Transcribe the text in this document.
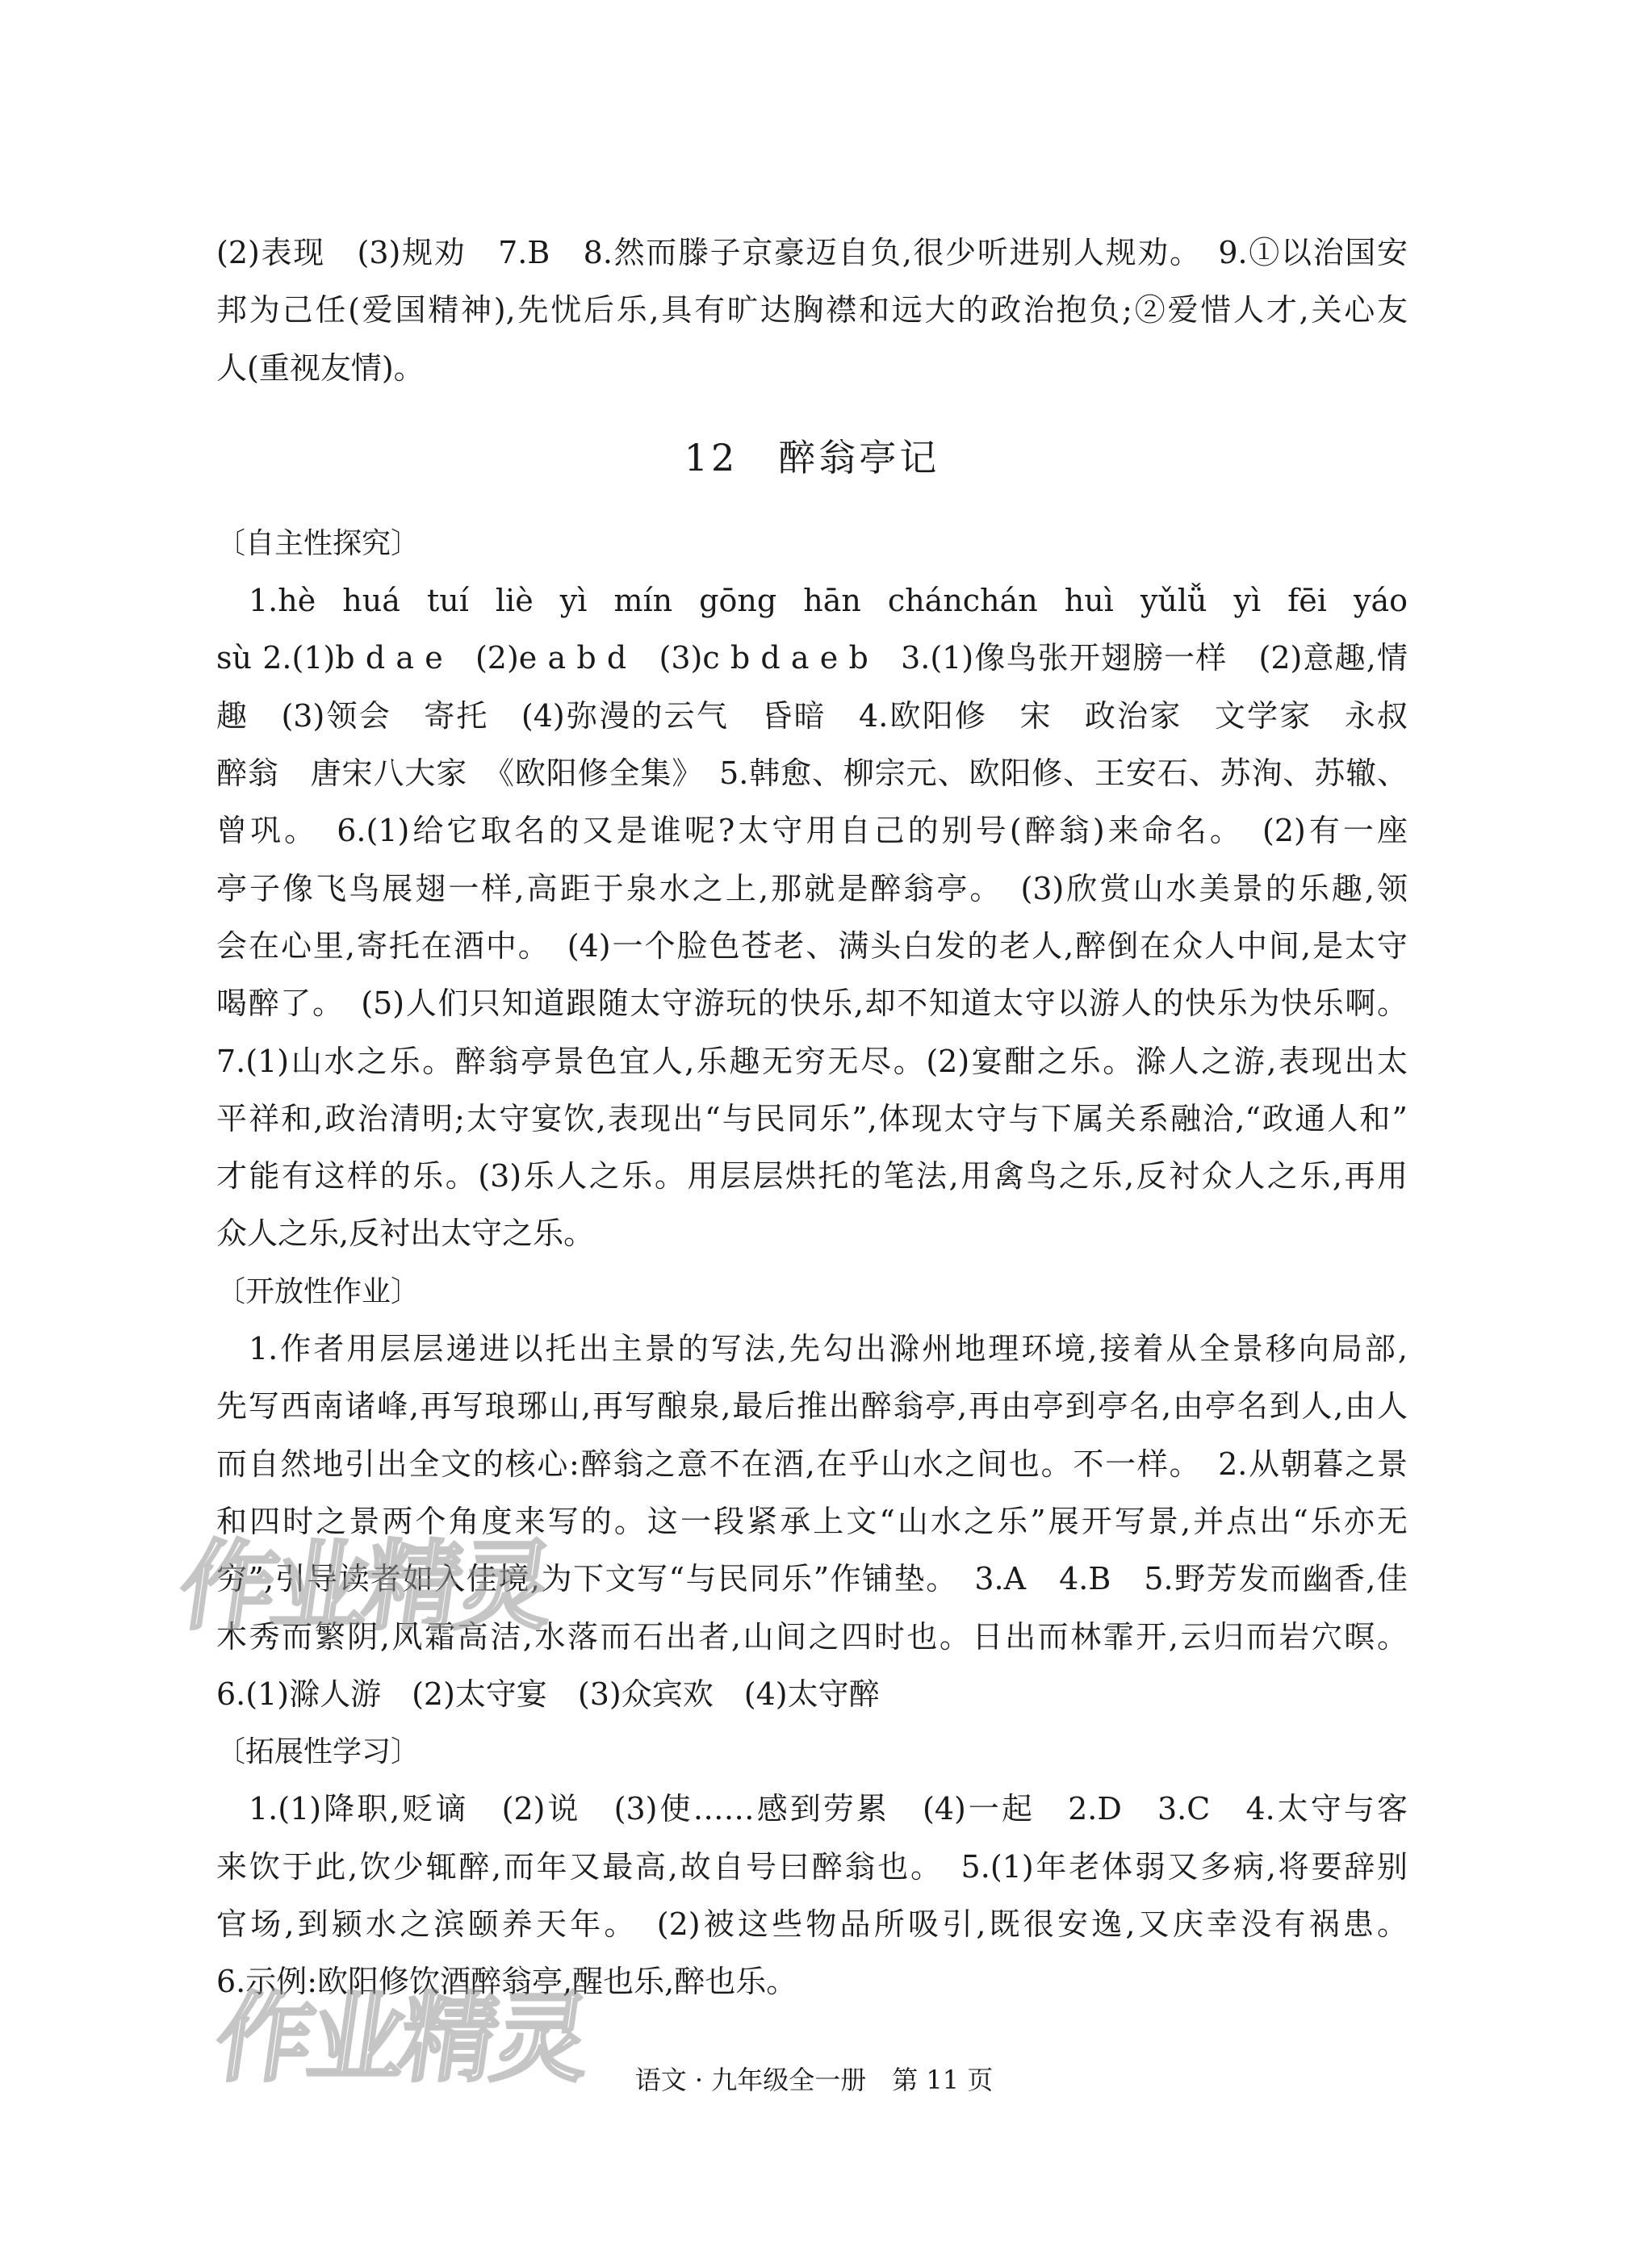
(2)表现　(3)规劝　7.B　8.然而滕子京豪迈自负,很少听进别人规劝。　9.①以治国安
邦为己任(爱国精神),先忧后乐,具有旷达胸襟和远大的政治抱负;②爱惜人才,关心友
人(重视友情)。
12　醉翁亭记
〔自主性探究〕
1.hè huá tuí liè yì mín gōng hān chánchán huì yǔlǚ yì fēi yáo
sù 2.(1)b d a e　(2)e a b d　(3)c b d a e b　3.(1)像鸟张开翅膀一样　(2)意趣,情
趣　(3)领会　寄托　(4)弥漫的云气　昏暗　4.欧阳修　宋　政治家　文学家　永叔
醉翁　唐宋八大家　《欧阳修全集》　5.韩愈、柳宗元、欧阳修、王安石、苏洵、苏辙、
曾巩。　6.(1)给它取名的又是谁呢?太守用自己的别号(醉翁)来命名。　(2)有一座
亭子像飞鸟展翅一样,高距于泉水之上,那就是醉翁亭。　(3)欣赏山水美景的乐趣,领
会在心里,寄托在酒中。　(4)一个脸色苍老、满头白发的老人,醉倒在众人中间,是太守
喝醉了。　(5)人们只知道跟随太守游玩的快乐,却不知道太守以游人的快乐为快乐啊。
7.(1)山水之乐。醉翁亭景色宜人,乐趣无穷无尽。(2)宴酣之乐。滁人之游,表现出太
平祥和,政治清明;太守宴饮,表现出“与民同乐”,体现太守与下属关系融洽,“政通人和”
才能有这样的乐。(3)乐人之乐。用层层烘托的笔法,用禽鸟之乐,反衬众人之乐,再用
众人之乐,反衬出太守之乐。
〔开放性作业〕
1.作者用层层递进以托出主景的写法,先勾出滁州地理环境,接着从全景移向局部,
先写西南诸峰,再写琅琊山,再写酿泉,最后推出醉翁亭,再由亭到亭名,由亭名到人,由人
而自然地引出全文的核心:醉翁之意不在酒,在乎山水之间也。不一样。　2.从朝暮之景
和四时之景两个角度来写的。这一段紧承上文“山水之乐”展开写景,并点出“乐亦无
穷”,引导读者如入佳境,为下文写“与民同乐”作铺垫。　3.A　4.B　5.野芳发而幽香,佳
木秀而繁阴,风霜高洁,水落而石出者,山间之四时也。日出而林霏开,云归而岩穴暝。
6.(1)滁人游　(2)太守宴　(3)众宾欢　(4)太守醉
〔拓展性学习〕
1.(1)降职,贬谪　(2)说　(3)使……感到劳累　(4)一起　2.D　3.C　4.太守与客
来饮于此,饮少辄醉,而年又最高,故自号曰醉翁也。　5.(1)年老体弱又多病,将要辞别
官场,到颍水之滨颐养天年。　(2)被这些物品所吸引,既很安逸,又庆幸没有祸患。
6.示例:欧阳修饮酒醉翁亭,醒也乐,醉也乐。
语文 · 九年级全一册　第 11 页
作业精灵
作业精灵
